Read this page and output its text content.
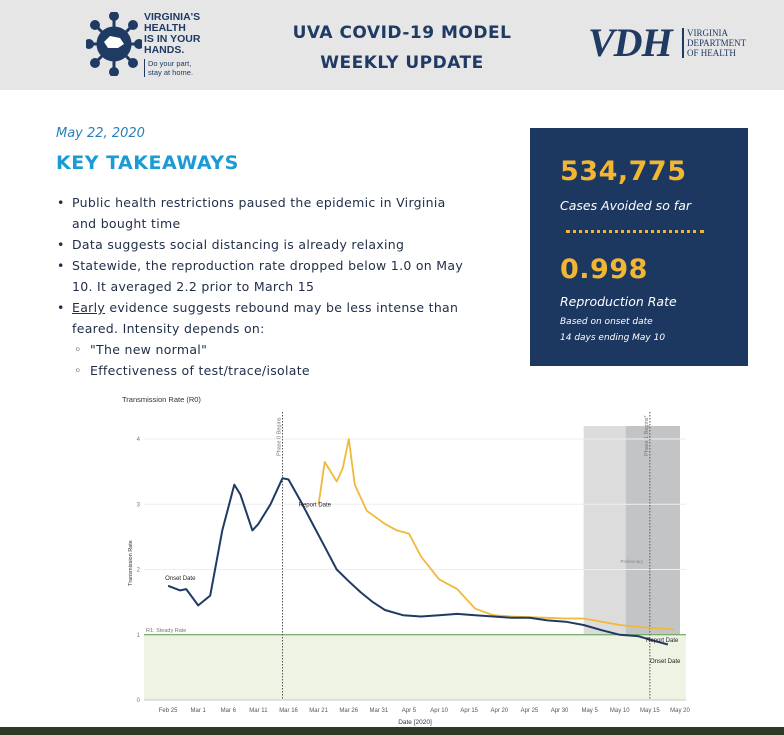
VIRGINIA'S
HEALTH
IS IN YOUR
HANDS.
Do your part,
stay at home.
UVA COVID-19 MODEL
WEEKLY UPDATE	VDH VIRGINIA
DEPARTMENT
OF HEALTH
May 22, 2020
KEY TAKEAWAYS
• Public health restrictions paused the epidemic in Virginia
and bought time
• Data suggests social distancing is already relaxing
• Statewide, the reproduction rate dropped below 1.0 on May
10. It averaged 2.2 prior to March 15
• Early evidence suggests rebound may be less intense than
feared. Intensity depends on:
◦ "The new normal"
◦ Effectiveness of test/trace/isolate
534,775
Cases Avoided so far
0.998
Reproduction Rate
Based on onset date
14 days ending May 10
Preliminary
0
1
2
3
4
R1: Steady Rate
Phase 0 Begins	Phase 1 Begins*
Feb 25 Mar 1 Mar 6 Mar 11 Mar 16 Mar 21 Mar 26 Mar 31 Apr 5 Apr 10 Apr 15 Apr 20 Apr 25 Apr 30 May 5 May 10 May 15 May 20
Transmission Rate (R0)
Date [2020]
Transmission Rate	Onset Date
Report Date
Report Date
Onset Date
